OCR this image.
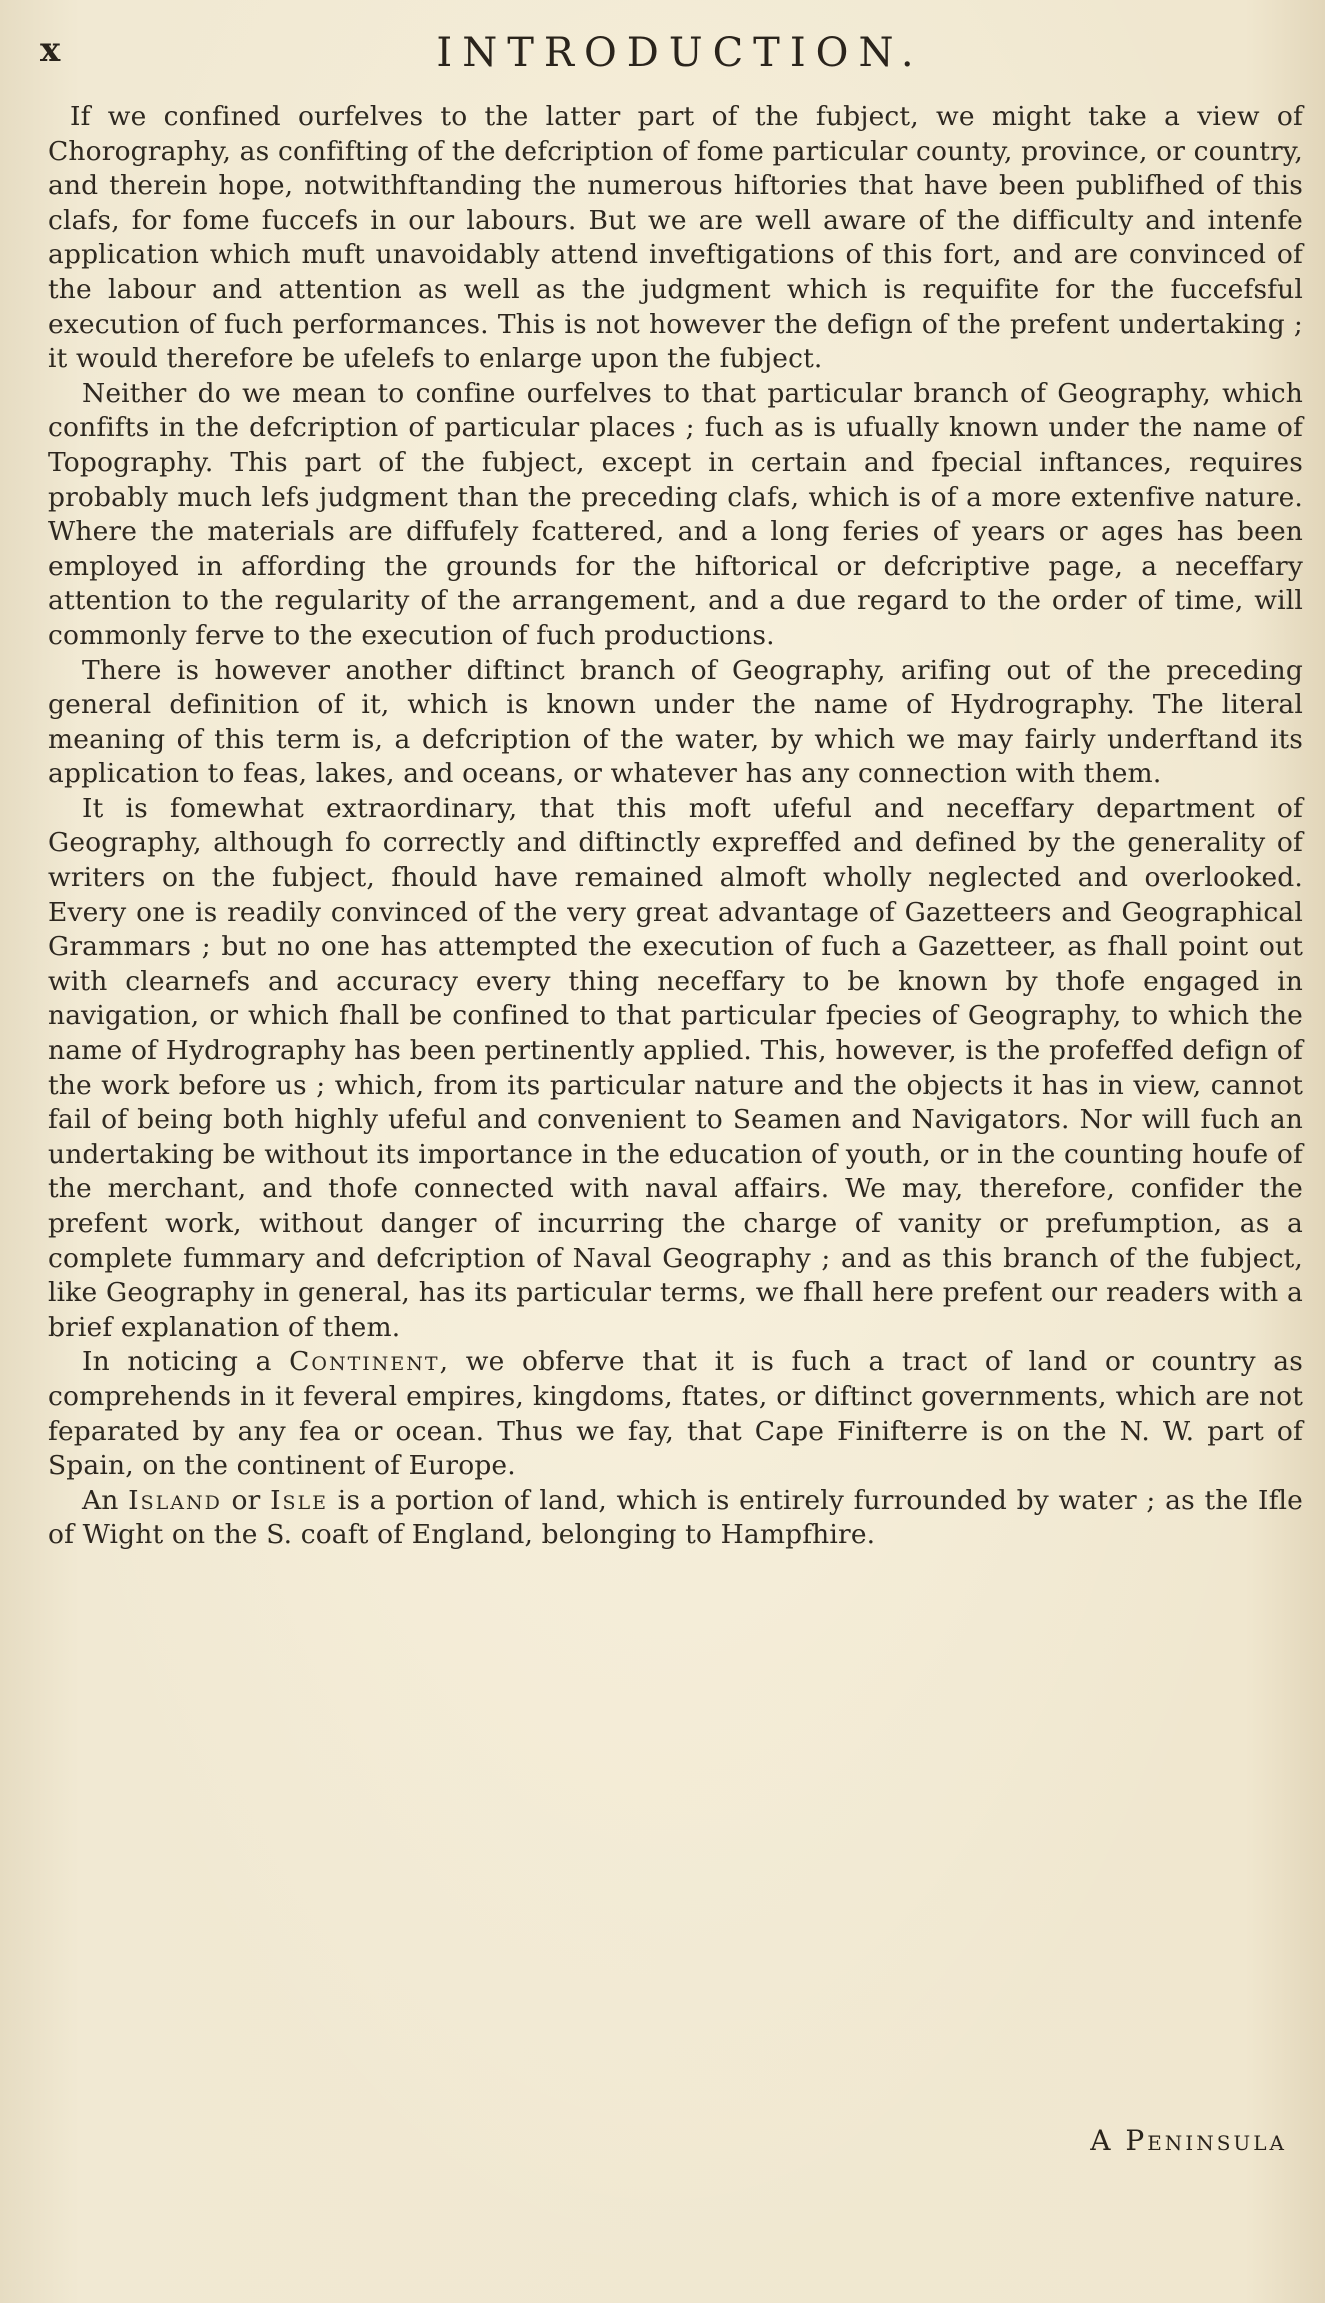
x	INTRODUCTION.

If we confined ourfelves to the latter part of the fubject, we might take a view of Chorography, as confifting of the defcription of fome particular county, province, or country, and therein hope, notwithftanding the numerous hiftories that have been publifhed of this clafs, for fome fuccefs in our labours. But we are well aware of the difficulty and intenfe application which muft unavoidably attend inveftigations of this fort, and are convinced of the labour and attention as well as the judgment which is requifite for the fuccefsful execution of fuch performances. This is not however the defign of the prefent undertaking ; it would therefore be ufelefs to enlarge upon the fubject.

Neither do we mean to confine ourfelves to that particular branch of Geography, which confifts in the defcription of particular places ; fuch as is ufually known under the name of Topography. This part of the fubject, except in certain and fpecial inftances, requires probably much lefs judgment than the preceding clafs, which is of a more extenfive nature. Where the materials are diffufely fcattered, and a long feries of years or ages has been employed in affording the grounds for the hiftorical or defcriptive page, a neceffary attention to the regularity of the arrangement, and a due regard to the order of time, will commonly ferve to the execution of fuch productions.

There is however another diftinct branch of Geography, arifing out of the preceding general definition of it, which is known under the name of Hydrography. The literal meaning of this term is, a defcription of the water, by which we may fairly underftand its application to feas, lakes, and oceans, or whatever has any connection with them.

It is fomewhat extraordinary, that this moft ufeful and neceffary department of Geography, although fo correctly and diftinctly expreffed and defined by the generality of writers on the fubject, fhould have remained almoft wholly neglected and overlooked. Every one is readily convinced of the very great advantage of Gazetteers and Geographical Grammars ; but no one has attempted the execution of fuch a Gazetteer, as fhall point out with clearnefs and accuracy every thing neceffary to be known by thofe engaged in navigation, or which fhall be confined to that particular fpecies of Geography, to which the name of Hydrography has been pertinently applied. This, however, is the profeffed defign of the work before us ; which, from its particular nature and the objects it has in view, cannot fail of being both highly ufeful and convenient to Seamen and Navigators. Nor will fuch an undertaking be without its importance in the education of youth, or in the counting houfe of the merchant, and thofe connected with naval affairs. We may, therefore, confider the prefent work, without danger of incurring the charge of vanity or prefumption, as a complete fummary and defcription of Naval Geography ; and as this branch of the fubject, like Geography in general, has its particular terms, we fhall here prefent our readers with a brief explanation of them.

In noticing a Continent, we obferve that it is fuch a tract of land or country as comprehends in it feveral empires, kingdoms, ftates, or diftinct governments, which are not feparated by any fea or ocean. Thus we fay, that Cape Finifterre is on the N. W. part of Spain, on the continent of Europe.

An Island or Isle is a portion of land, which is entirely furrounded by water ; as the Ifle of Wight on the S. coaft of England, belonging to Hampfhire.

A Peninsula
